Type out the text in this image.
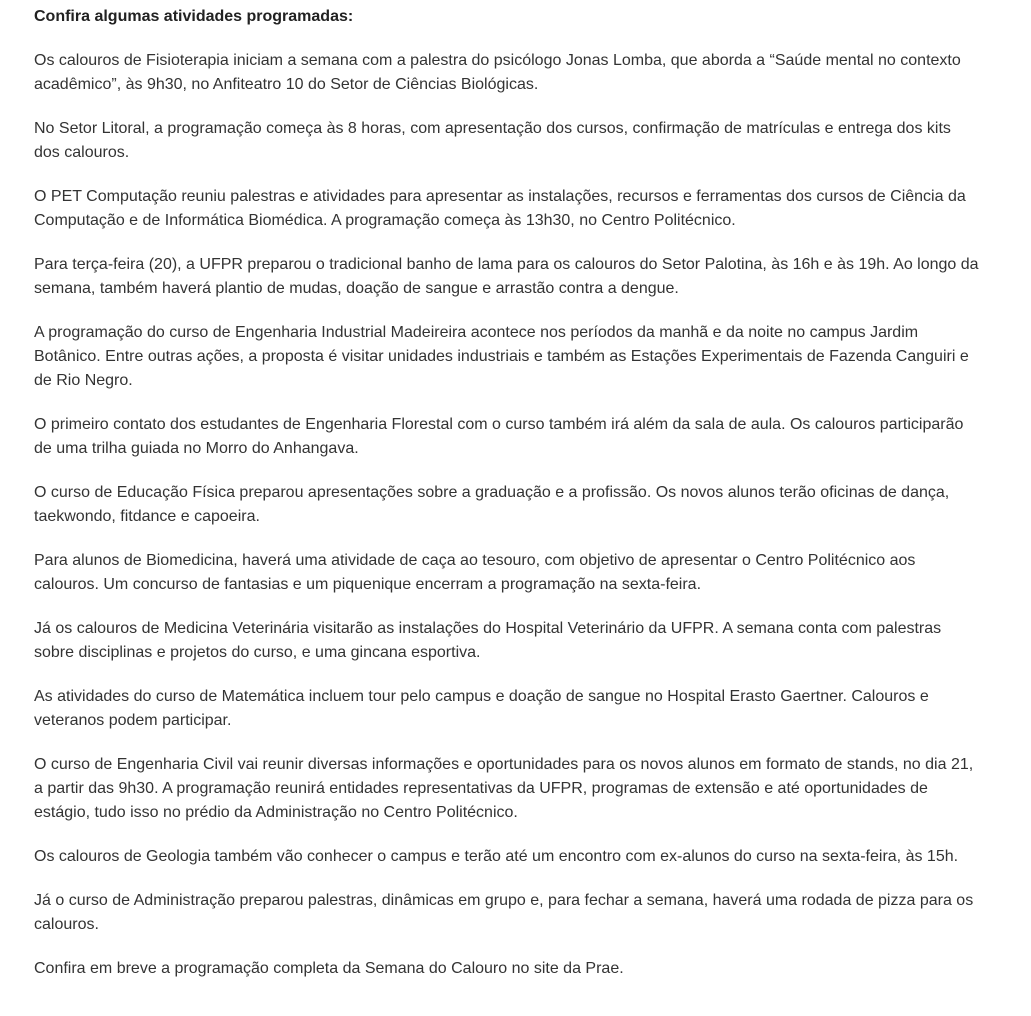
Confira algumas atividades programadas:

Os calouros de Fisioterapia iniciam a semana com a palestra do psicólogo Jonas Lomba, que aborda a “Saúde mental no contexto acadêmico”, às 9h30, no Anfiteatro 10 do Setor de Ciências Biológicas.

No Setor Litoral, a programação começa às 8 horas, com apresentação dos cursos, confirmação de matrículas e entrega dos kits dos calouros.

O PET Computação reuniu palestras e atividades para apresentar as instalações, recursos e ferramentas dos cursos de Ciência da Computação e de Informática Biomédica. A programação começa às 13h30, no Centro Politécnico.

Para terça-feira (20), a UFPR preparou o tradicional banho de lama para os calouros do Setor Palotina, às 16h e às 19h. Ao longo da semana, também haverá plantio de mudas, doação de sangue e arrastão contra a dengue.

A programação do curso de Engenharia Industrial Madeireira acontece nos períodos da manhã e da noite no campus Jardim Botânico. Entre outras ações, a proposta é visitar unidades industriais e também as Estações Experimentais de Fazenda Canguiri e de Rio Negro.

O primeiro contato dos estudantes de Engenharia Florestal com o curso também irá além da sala de aula. Os calouros participarão de uma trilha guiada no Morro do Anhangava.

O curso de Educação Física preparou apresentações sobre a graduação e a profissão. Os novos alunos terão oficinas de dança, taekwondo, fitdance e capoeira.

Para alunos de Biomedicina, haverá uma atividade de caça ao tesouro, com objetivo de apresentar o Centro Politécnico aos calouros. Um concurso de fantasias e um piquenique encerram a programação na sexta-feira.

Já os calouros de Medicina Veterinária visitarão as instalações do Hospital Veterinário da UFPR. A semana conta com palestras sobre disciplinas e projetos do curso, e uma gincana esportiva.

As atividades do curso de Matemática incluem tour pelo campus e doação de sangue no Hospital Erasto Gaertner. Calouros e veteranos podem participar.

O curso de Engenharia Civil vai reunir diversas informações e oportunidades para os novos alunos em formato de stands, no dia 21, a partir das 9h30. A programação reunirá entidades representativas da UFPR, programas de extensão e até oportunidades de estágio, tudo isso no prédio da Administração no Centro Politécnico.

Os calouros de Geologia também vão conhecer o campus e terão até um encontro com ex-alunos do curso na sexta-feira, às 15h.

Já o curso de Administração preparou palestras, dinâmicas em grupo e, para fechar a semana, haverá uma rodada de pizza para os calouros.

Confira em breve a programação completa da Semana do Calouro no site da Prae.
